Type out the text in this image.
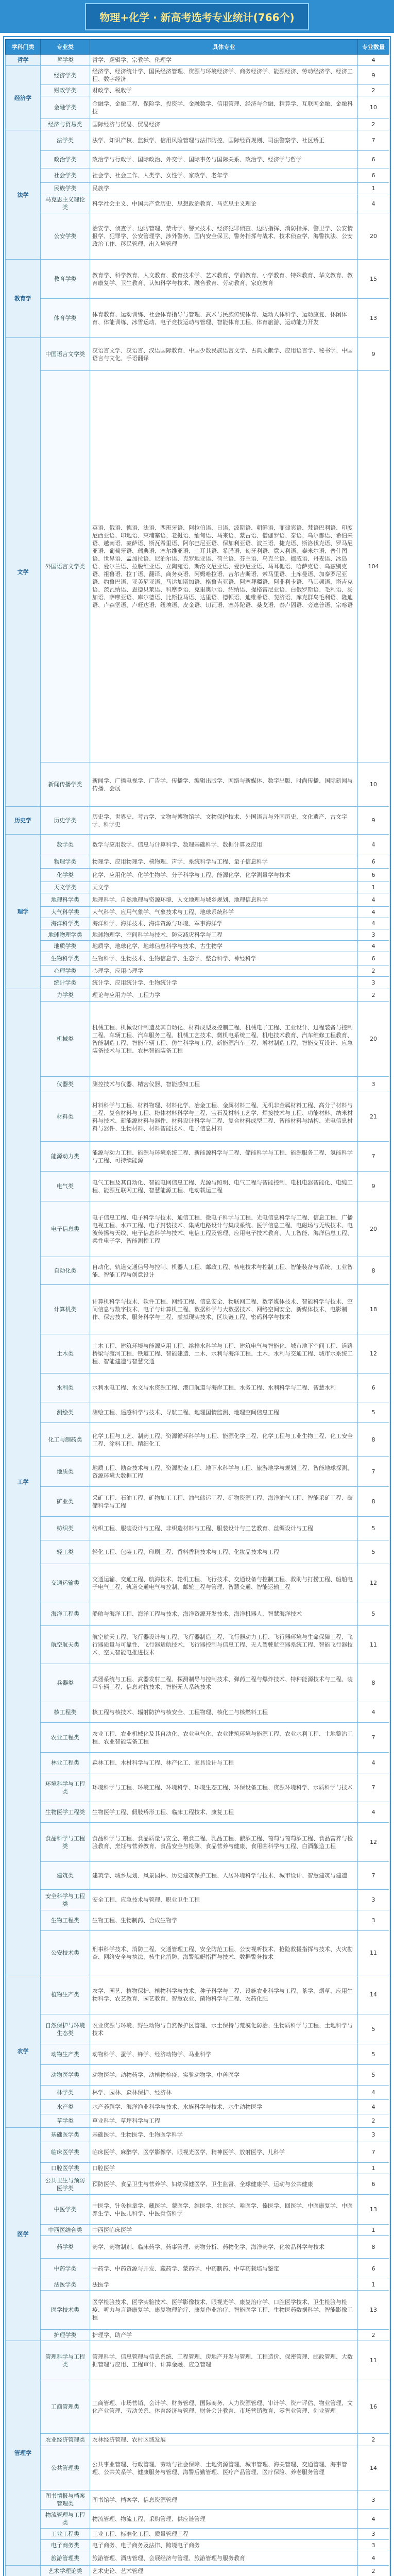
物理+化学 · 新高考选考专业统计(766个)
学科门类	专业类	具体专业	专业数量
哲学	哲学类	哲学、逻辑学、宗教学、伦理学	4
经济学	经济学类	经济学、经济统计学、国民经济管理、资源与环境经济学、商务经济学、能源经济、劳动经济学、经济工程、数字经济	9
	财政学类	财政学、税收学	2
	金融学类	金融学、金融工程、保险学、投资学、金融数学、信用管理、经济与金融、精算学、互联网金融、金融科技	10
	经济与贸易类	国际经济与贸易、贸易经济	2
法学	法学类	法学、知识产权、监狱学、信用风险管理与法律防控、国际经贸规则、司法警察学、社区矫正	7
	政治学类	政治学与行政学、国际政治、外交学、国际事务与国际关系、政治学、经济学与哲学	6
	社会学类	社会学、社会工作、人类学、女性学、家政学、老年学	6
	民族学类	民族学	1
	马克思主义理论类	科学社会主义、中国共产党历史、思想政治教育、马克思主义理论	4
	公安学类	治安学、侦查学、边防管理、禁毒学、警犬技术、经济犯罪侦查、边防指挥、消防指挥、警卫学、公安情报学、犯罪学、公安管理学、涉外警务、国内安全保卫、警务指挥与战术、技术侦查学、海警执法、公安政治工作、移民管理、出入境管理	20
教育学	教育学类	教育学、科学教育、人文教育、教育技术学、艺术教育、学前教育、小学教育、特殊教育、华文教育、教育康复学、卫生教育、认知科学与技术、融合教育、劳动教育、家庭教育	15
	体育学类	体育教育、运动训练、社会体育指导与管理、武术与民族传统体育、运动人体科学、运动康复、休闲体育、体能训练、冰雪运动、电子竞技运动与管理、智能体育工程、体育旅游、运动能力开发	13
文学	中国语言文学类	汉语言文学、汉语言、汉语国际教育、中国少数民族语言文学、古典文献学、应用语言学、秘书学、中国语言与文化、手语翻译	9
	外国语言文学类	英语、俄语、德语、法语、西班牙语、阿拉伯语、日语、波斯语、朝鲜语、菲律宾语、梵语巴利语、印度尼西亚语、印地语、柬埔寨语、老挝语、缅甸语、马来语、蒙古语、僧伽罗语、泰语、乌尔都语、希伯来语、越南语、豪萨语、斯瓦希里语、阿尔巴尼亚语、保加利亚语、波兰语、捷克语、斯洛伐克语、罗马尼亚语、葡萄牙语、瑞典语、塞尔维亚语、土耳其语、希腊语、匈牙利语、意大利语、泰米尔语、普什图语、世界语、孟加拉语、尼泊尔语、克罗地亚语、荷兰语、芬兰语、乌克兰语、挪威语、丹麦语、冰岛语、爱尔兰语、拉脱维亚语、立陶宛语、斯洛文尼亚语、爱沙尼亚语、马耳他语、哈萨克语、乌兹别克语、祖鲁语、拉丁语、翻译、商务英语、阿姆哈拉语、吉尔吉斯语、索马里语、土库曼语、加泰罗尼亚语、约鲁巴语、亚美尼亚语、马达加斯加语、格鲁吉亚语、阿塞拜疆语、阿非利卡语、马其顿语、塔吉克语、茨瓦纳语、恩德贝莱语、科摩罗语、克里奥尔语、绍纳语、提格雷尼亚语、白俄罗斯语、毛利语、汤加语、萨摩亚语、库尔德语、比斯拉马语、达里语、德顿语、迪维希语、斐济语、库克群岛毛利语、隆迪语、卢森堡语、卢旺达语、纽埃语、皮金语、切瓦语、塞苏陀语、桑戈语、泰卢固语、旁遮普语、宗喀语	104
	新闻传播学类	新闻学、广播电视学、广告学、传播学、编辑出版学、网络与新媒体、数字出版、时尚传播、国际新闻与传播、会展	10
历史学	历史学类	历史学、世界史、考古学、文物与博物馆学、文物保护技术、外国语言与外国历史、文化遗产、古文字学、科学史	9
理学	数学类	数学与应用数学、信息与计算科学、数理基础科学、数据计算及应用	4
	物理学类	物理学、应用物理学、核物理、声学、系统科学与工程、量子信息科学	6
	化学类	化学、应用化学、化学生物学、分子科学与工程、能源化学、化学测量学与技术	6
	天文学类	天文学	1
	地理科学类	地理科学、自然地理与资源环境、人文地理与城乡规划、地理信息科学	4
	大气科学类	大气科学、应用气象学、气象技术与工程、地球系统科学	4
	海洋科学类	海洋科学、海洋技术、海洋资源与环境、军事海洋学	4
	地球物理学类	地球物理学、空间科学与技术、防灾减灾科学与工程	3
	地质学类	地质学、地球化学、地球信息科学与技术、古生物学	4
	生物科学类	生物科学、生物技术、生物信息学、生态学、整合科学、神经科学	6
	心理学类	心理学、应用心理学	2
	统计学类	统计学、应用统计学、生物统计学	3
工学	力学类	理论与应用力学、工程力学	2
	机械类	机械工程、机械设计制造及其自动化、材料成型及控制工程、机械电子工程、工业设计、过程装备与控制工程、车辆工程、汽车服务工程、机械工艺技术、微机电系统工程、机电技术教育、汽车维修工程教育、智能制造工程、智能车辆工程、仿生科学与工程、新能源汽车工程、增材制造工程、智能交互设计、应急装备技术与工程、农林智能装备工程	20
	仪器类	测控技术与仪器、精密仪器、智能感知工程	3
	材料类	材料科学与工程、材料物理、材料化学、冶金工程、金属材料工程、无机非金属材料工程、高分子材料与工程、复合材料与工程、粉体材料科学与工程、宝石及材料工艺学、焊接技术与工程、功能材料、纳米材料与技术、新能源材料与器件、材料设计科学与工程、复合材料成型工程、智能材料与结构、光电信息材料与器件、生物材料、材料智能技术、电子信息材料	21
	能源动力类	能源与动力工程、能源与环境系统工程、新能源科学与工程、储能科学与工程、能源服务工程、氢能科学与工程、可持续能源	7
	电气类	电气工程及其自动化、智能电网信息工程、光源与照明、电气工程与智能控制、电机电器智能化、电缆工程、能源互联网工程、智慧能源工程、电动载运工程	9
	电子信息类	电子信息工程、电子科学与技术、通信工程、微电子科学与工程、光电信息科学与工程、信息工程、广播电视工程、水声工程、电子封装技术、集成电路设计与集成系统、医学信息工程、电磁场与无线技术、电波传播与天线、电子信息科学与技术、电信工程及管理、应用电子技术教育、人工智能、海洋信息工程、柔性电子学、智能测控工程	20
	自动化类	自动化、轨道交通信号与控制、机器人工程、邮政工程、核电技术与控制工程、智能装备与系统、工业智能、智能工程与创意设计	8
	计算机类	计算机科学与技术、软件工程、网络工程、信息安全、物联网工程、数字媒体技术、智能科学与技术、空间信息与数字技术、电子与计算机工程、数据科学与大数据技术、网络空间安全、新媒体技术、电影制作、保密技术、服务科学与工程、虚拟现实技术、区块链工程、密码科学与技术	18
	土木类	土木工程、建筑环境与能源应用工程、给排水科学与工程、建筑电气与智能化、城市地下空间工程、道路桥梁与渡河工程、铁道工程、智能建造、土木、水利与海洋工程、土木、水利与交通工程、城市水系统工程、智能建造与智慧交通	12
	水利类	水利水电工程、水文与水资源工程、港口航道与海岸工程、水务工程、水利科学与工程、智慧水利	6
	测绘类	测绘工程、遥感科学与技术、导航工程、地理国情监测、地理空间信息工程	5
	化工与制药类	化学工程与工艺、制药工程、资源循环科学与工程、能源化学工程、化学工程与工业生物工程、化工安全工程、涂料工程、精细化工	8
	地质类	地质工程、勘查技术与工程、资源勘查工程、地下水科学与工程、旅游地学与规划工程、智能地球探测、资源环境大数据工程	7
	矿业类	采矿工程、石油工程、矿物加工工程、油气储运工程、矿物资源工程、海洋油气工程、智能采矿工程、碳储科学与工程	8
	纺织类	纺织工程、服装设计与工程、非织造材料与工程、服装设计与工艺教育、丝绸设计与工程	5
	轻工类	轻化工程、包装工程、印刷工程、香料香精技术与工程、化妆品技术与工程	5
	交通运输类	交通运输、交通工程、航海技术、轮机工程、飞行技术、交通设备与控制工程、救助与打捞工程、船舶电子电气工程、轨道交通电气与控制、邮轮工程与管理、智慧交通、智能运输工程	12
	海洋工程类	船舶与海洋工程、海洋工程与技术、海洋资源开发技术、海洋机器人、智慧海洋技术	5
	航空航天类	航空航天工程、飞行器设计与工程、飞行器制造工程、飞行器动力工程、飞行器环境与生命保障工程、飞行器质量与可靠性、飞行器适航技术、飞行器控制与信息工程、无人驾驶航空器系统工程、智能飞行器技术、空天智能电推进技术	11
	兵器类	武器系统与工程、武器发射工程、探测制导与控制技术、弹药工程与爆炸技术、特种能源技术与工程、装甲车辆工程、信息对抗技术、智能无人系统技术	8
	核工程类	核工程与核技术、辐射防护与核安全、工程物理、核化工与核燃料工程	4
	农业工程类	农业工程、农业机械化及其自动化、农业电气化、农业建筑环境与能源工程、农业水利工程、土地整治工程、农业智能装备工程	7
	林业工程类	森林工程、木材科学与工程、林产化工、家具设计与工程	4
	环境科学与工程类	环境科学与工程、环境工程、环境科学、环境生态工程、环保设备工程、资源环境科学、水质科学与技术	7
	生物医学工程类	生物医学工程、假肢矫形工程、临床工程技术、康复工程	4
	食品科学与工程类	食品科学与工程、食品质量与安全、粮食工程、乳品工程、酿酒工程、葡萄与葡萄酒工程、食品营养与检验教育、烹饪与营养教育、食品安全与检测、食品营养与健康、食用菌科学与工程、白酒酿造工程	12
	建筑类	建筑学、城乡规划、风景园林、历史建筑保护工程、人居环境科学与技术、城市设计、智慧建筑与建造	7
	安全科学与工程类	安全工程、应急技术与管理、职业卫生工程	3
	生物工程类	生物工程、生物制药、合成生物学	3
	公安技术类	刑事科学技术、消防工程、交通管理工程、安全防范工程、公安视听技术、抢险救援指挥与技术、火灾勘查、网络安全与执法、核生化消防、海警舰艇指挥与技术、数据警务技术	11
农学	植物生产类	农学、园艺、植物保护、植物科学与技术、种子科学与工程、设施农业科学与工程、茶学、烟草、应用生物科学、农艺教育、园艺教育、智慧农业、菌物科学与工程、农药化肥	14
	自然保护与环境生态类	农业资源与环境、野生动物与自然保护区管理、水土保持与荒漠化防治、生物质科学与工程、土地科学与技术	5
	动物生产类	动物科学、蚕学、蜂学、经济动物学、马业科学	5
	动物医学类	动物医学、动物药学、动植物检疫、实验动物学、中兽医学	5
	林学类	林学、园林、森林保护、经济林	4
	水产类	水产养殖学、海洋渔业科学与技术、水族科学与技术、水生动物医学	4
	草学类	草业科学、草坪科学与工程	2
医学	基础医学类	基础医学、生物医学、生物医学科学	3
	临床医学类	临床医学、麻醉学、医学影像学、眼视光医学、精神医学、放射医学、儿科学	7
	口腔医学类	口腔医学	1
	公共卫生与预防医学类	预防医学、食品卫生与营养学、妇幼保健医学、卫生监督、全球健康学、运动与公共健康	6
	中医学类	中医学、针灸推拿学、藏医学、蒙医学、维医学、壮医学、哈医学、傣医学、回医学、中医康复学、中医养生学、中医儿科学、中医骨伤科学	13
	中西医结合类	中西医临床医学	1
	药学类	药学、药物制剂、临床药学、药事管理、药物分析、药物化学、海洋药学、化妆品科学与技术	8
	中药学类	中药学、中药资源与开发、藏药学、蒙药学、中药制药、中草药栽培与鉴定	6
	法医学类	法医学	1
	医学技术类	医学检验技术、医学实验技术、医学影像技术、眼视光学、康复治疗学、口腔医学技术、卫生检验与检疫、听力与言语康复学、康复物理治疗、康复作业治疗、智能医学工程、生物医药数据科学、智能影像工程	13
	护理学类	护理学、助产学	2
管理学	管理科学与工程类	管理科学、信息管理与信息系统、工程管理、房地产开发与管理、工程造价、保密管理、邮政管理、大数据管理与应用、工程审计、计算金融、应急管理	11
	工商管理类	工商管理、市场营销、会计学、财务管理、国际商务、人力资源管理、审计学、资产评估、物业管理、文化产业管理、劳动关系、体育经济与管理、财务会计教育、市场营销教育、零售业管理、创业管理	16
	农业经济管理类	农林经济管理、农村区域发展	2
	公共管理类	公共事业管理、行政管理、劳动与社会保障、土地资源管理、城市管理、海关管理、交通管理、海事管理、公共关系学、健康服务与管理、海警后勤管理、医疗产品管理、医疗保险、养老服务管理	14
	图书情报与档案管理类	图书馆学、档案学、信息资源管理	3
	物流管理与工程类	物流管理、物流工程、采购管理、供应链管理	4
	工业工程类	工业工程、标准化工程、质量管理工程	3
	电子商务类	电子商务、电子商务及法律、跨境电子商务	3
	旅游管理类	旅游管理、酒店管理、会展经济与管理、旅游管理与服务教育	4
	艺术学理论类	艺术史论、艺术管理	2
